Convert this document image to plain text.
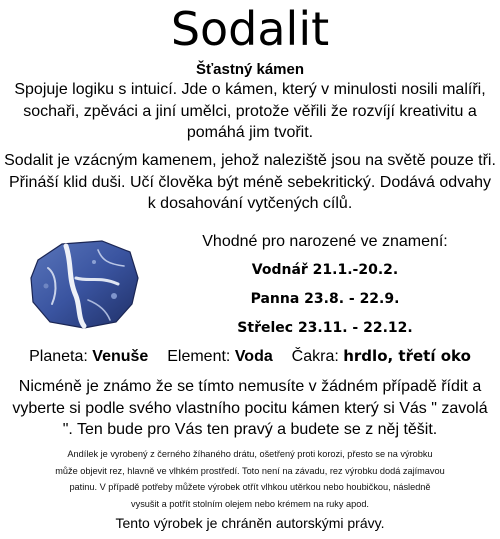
Sodalit
Šťastný kámen
Spojuje logiku s intuicí. Jde o kámen, který v minulosti nosili malíři, sochaři, zpěváci a jiní umělci, protože věřili že rozvíjí kreativitu a pomáhá jim tvořit.
Sodalit je vzácným kamenem, jehož naleziště jsou na světě pouze tři. Přináší klid duši. Učí člověka být méně sebekritický. Dodává odvahy k dosahování vytčených cílů.
Vhodné pro narozené ve znamení:
Vodnář 21.1.-20.2.
Panna 23.8. - 22.9.
Střelec 23.11. - 22.12.
Planeta: Venuše Element: Voda Čakra: hrdlo, třetí oko
Nicméně je známo že se tímto nemusíte v žádném případě řídit a vyberte si podle svého vlastního pocitu kámen který si Vás " zavolá ". Ten bude pro Vás ten pravý a budete se z něj těšit.
Andílek je vyrobený z černého žíhaného drátu, ošetřený proti korozi, přesto se na výrobku může objevit rez, hlavně ve vlhkém prostředí. Toto není na závadu, rez výrobku dodá zajímavou patinu. V případě potřeby můžete výrobek otřít vlhkou utěrkou nebo houbičkou, následně vysušit a potřít stolním olejem nebo krémem na ruky apod.
Tento výrobek je chráněn autorskými právy.
